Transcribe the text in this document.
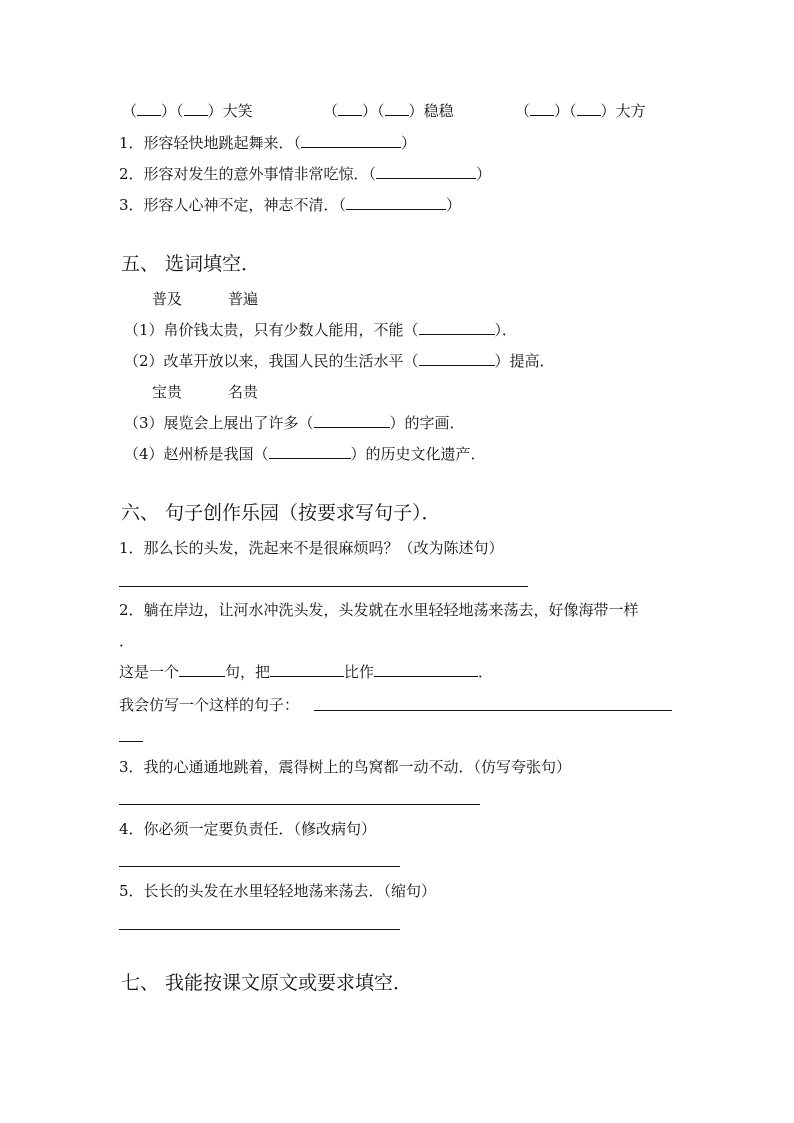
（ ）（ ）大笑	（ ）（ ）稳稳	（ ）（ ）大方
1．形容轻快地跳起舞来．（	）
2．形容对发生的意外事情非常吃惊．（	）
3．形容人心神不定，神志不清．（	）
五、 选词填空．
普及	普遍
（1）帛价钱太贵，只有少数人能用，不能（	）．
（2）改革开放以来，我国人民的生活水平（	）提高．
宝贵	名贵
（3）展览会上展出了许多（	）的字画．
（4）赵州桥是我国（	）的历史文化遗产．
六、 句子创作乐园（按要求写句子）．
1．那么长的头发，洗起来不是很麻烦吗？（改为陈述句）
2．躺在岸边，让河水冲洗头发，头发就在水里轻轻地荡来荡去，好像海带一样
．
这是一个	句，把	比作	．
我会仿写一个这样的句子：
3．我的心通通地跳着，震得树上的鸟窝都一动不动．（仿写夸张句）
4．你必须一定要负责任．（修改病句）
5．长长的头发在水里轻轻地荡来荡去．（缩句）
七、 我能按课文原文或要求填空．
